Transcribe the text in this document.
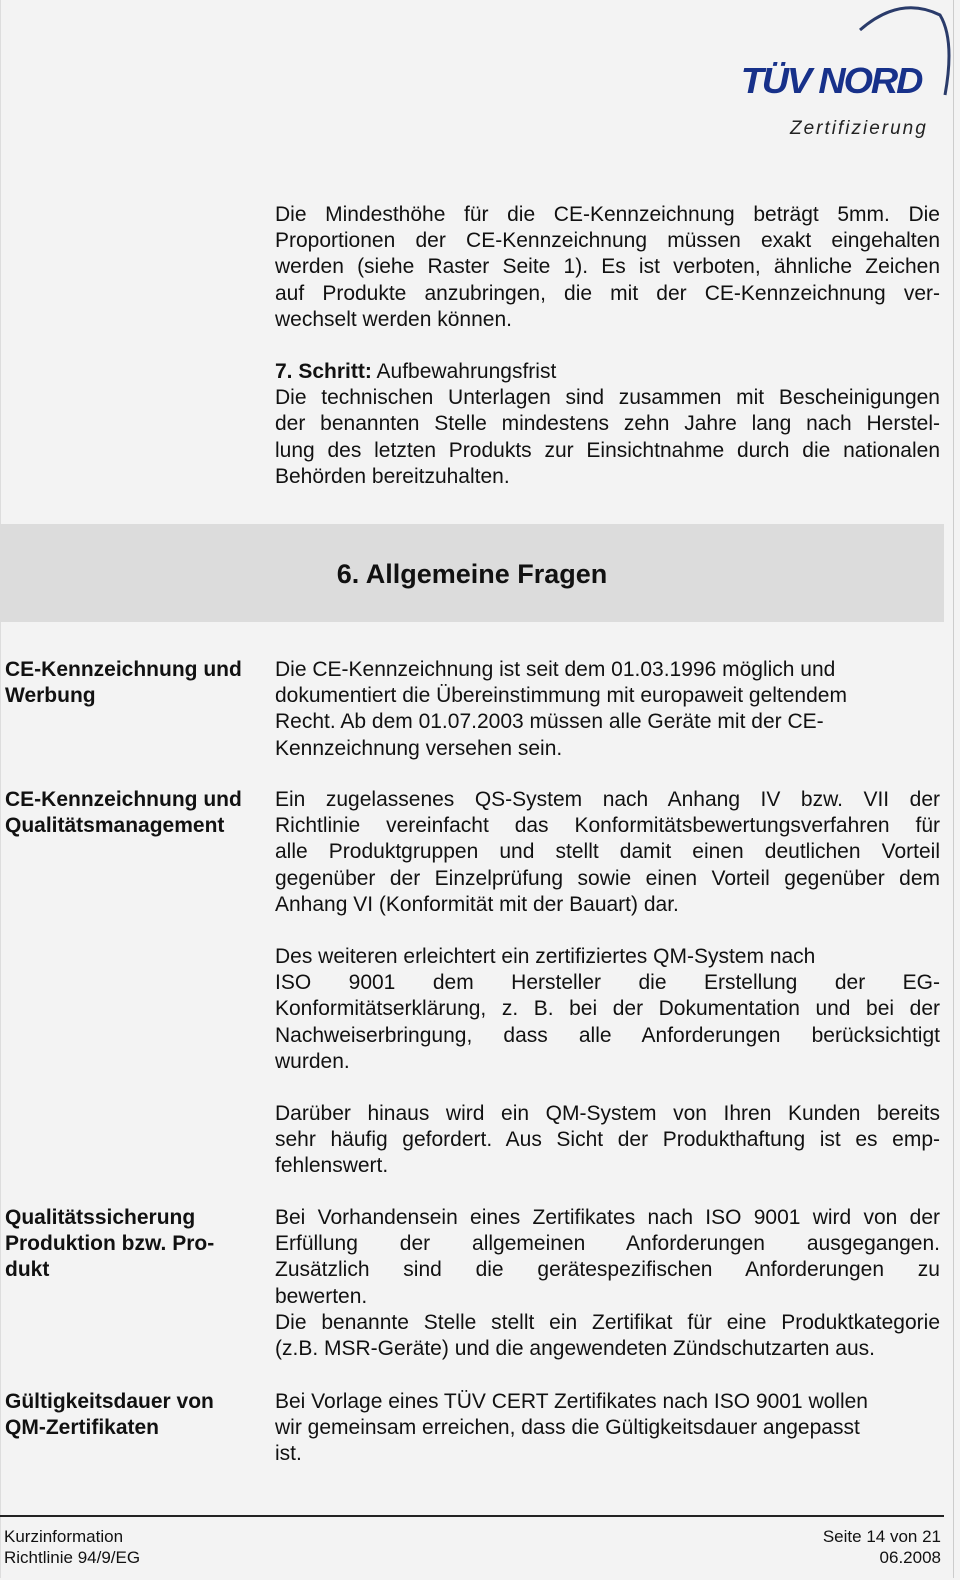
TÜV NORD
Zertifizierung
Die Mindesthöhe für die CE-Kennzeichnung beträgt 5mm. Die
Proportionen der CE-Kennzeichnung müssen exakt eingehalten
werden (siehe Raster Seite 1). Es ist verboten, ähnliche Zeichen
auf Produkte anzubringen, die mit der CE-Kennzeichnung ver-
wechselt werden können.
7. Schritt: Aufbewahrungsfrist
Die technischen Unterlagen sind zusammen mit Bescheinigungen
der benannten Stelle mindestens zehn Jahre lang nach Herstel-
lung des letzten Produkts zur Einsichtnahme durch die nationalen
Behörden bereitzuhalten.
6. Allgemeine Fragen
CE-Kennzeichnung und
Werbung
Die CE-Kennzeichnung ist seit dem 01.03.1996 möglich und
dokumentiert die Übereinstimmung mit europaweit geltendem
Recht. Ab dem 01.07.2003 müssen alle Geräte mit der CE-
Kennzeichnung versehen sein.
CE-Kennzeichnung und
Qualitätsmanagement
Ein zugelassenes QS-System nach Anhang IV bzw. VII der
Richtlinie vereinfacht das Konformitätsbewertungsverfahren für
alle Produktgruppen und stellt damit einen deutlichen Vorteil
gegenüber der Einzelprüfung sowie einen Vorteil gegenüber dem
Anhang VI (Konformität mit der Bauart) dar.
Des weiteren erleichtert ein zertifiziertes QM-System nach
ISO 9001 dem Hersteller die Erstellung der EG-
Konformitätserklärung, z. B. bei der Dokumentation und bei der
Nachweiserbringung, dass alle Anforderungen berücksichtigt
wurden.
Darüber hinaus wird ein QM-System von Ihren Kunden bereits
sehr häufig gefordert. Aus Sicht der Produkthaftung ist es emp-
fehlenswert.
Qualitätssicherung
Produktion bzw. Pro-
dukt
Bei Vorhandensein eines Zertifikates nach ISO 9001 wird von der
Erfüllung der allgemeinen Anforderungen ausgegangen.
Zusätzlich sind die gerätespezifischen Anforderungen zu
bewerten.
Die benannte Stelle stellt ein Zertifikat für eine Produktkategorie
(z.B. MSR-Geräte) und die angewendeten Zündschutzarten aus.
Gültigkeitsdauer von
QM-Zertifikaten
Bei Vorlage eines TÜV CERT Zertifikates nach ISO 9001 wollen
wir gemeinsam erreichen, dass die Gültigkeitsdauer angepasst
ist.
Kurzinformation
Richtlinie 94/9/EG
Seite 14 von 21
06.2008
